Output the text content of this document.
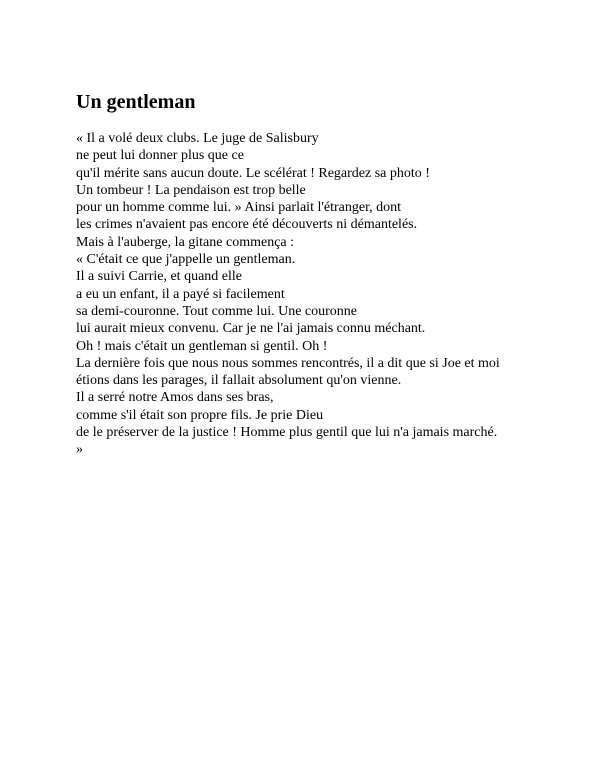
Un gentleman
« Il a volé deux clubs. Le juge de Salisbury
ne peut lui donner plus que ce
qu'il mérite sans aucun doute. Le scélérat ! Regardez sa photo !
Un tombeur ! La pendaison est trop belle
pour un homme comme lui. » Ainsi parlait l'étranger, dont
les crimes n'avaient pas encore été découverts ni démantelés.
Mais à l'auberge, la gitane commença :
« C'était ce que j'appelle un gentleman.
Il a suivi Carrie, et quand elle
a eu un enfant, il a payé si facilement
sa demi-couronne. Tout comme lui. Une couronne
lui aurait mieux convenu. Car je ne l'ai jamais connu méchant.
Oh ! mais c'était un gentleman si gentil. Oh !
La dernière fois que nous nous sommes rencontrés, il a dit que si Joe et moi
étions dans les parages, il fallait absolument qu'on vienne.
Il a serré notre Amos dans ses bras,
comme s'il était son propre fils. Je prie Dieu
de le préserver de la justice ! Homme plus gentil que lui n'a jamais marché.
»
